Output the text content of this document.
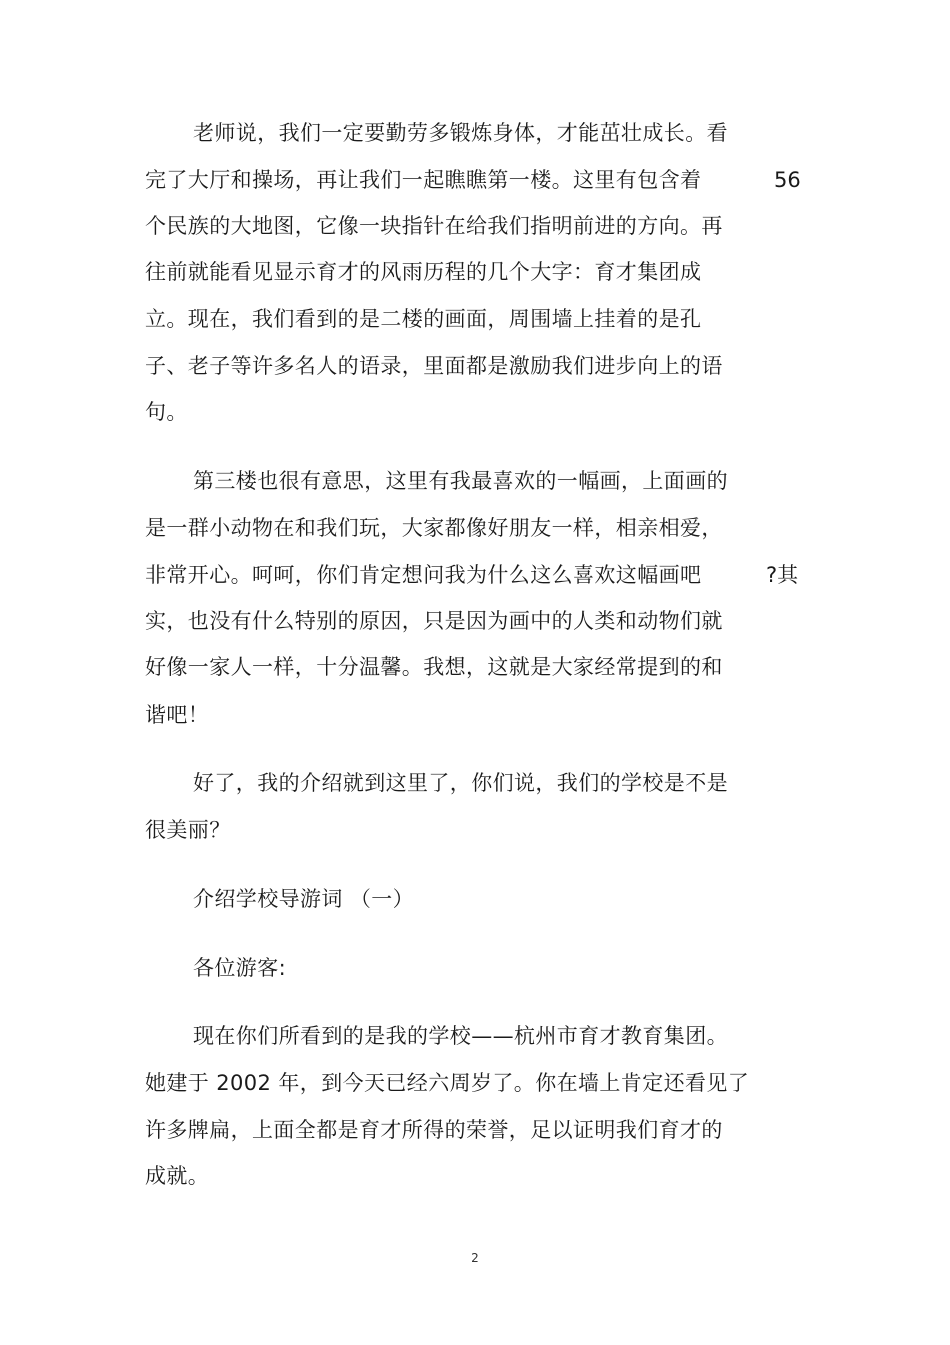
老师说，我们一定要勤劳多锻炼身体，才能茁壮成长。看
完了大厅和操场，再让我们一起瞧瞧第一楼。这里有包含着	56
个民族的大地图，它像一块指针在给我们指明前进的方向。再
往前就能看见显示育才的风雨历程的几个大字：育才集团成
立。现在，我们看到的是二楼的画面，周围墙上挂着的是孔
子、老子等许多名人的语录，里面都是激励我们进步向上的语
句。
第三楼也很有意思，这里有我最喜欢的一幅画，上面画的
是一群小动物在和我们玩，大家都像好朋友一样，相亲相爱，
非常开心。呵呵，你们肯定想问我为什么这么喜欢这幅画吧	?其
实，也没有什么特别的原因，只是因为画中的人类和动物们就
好像一家人一样，十分温馨。我想，这就是大家经常提到的和
谐吧！
好了，我的介绍就到这里了，你们说，我们的学校是不是
很美丽？
介绍学校导游词 （一）
各位游客:
现在你们所看到的是我的学校——杭州市育才教育集团。
她建于 2002 年，到今天已经六周岁了。你在墙上肯定还看见了
许多牌扁，上面全都是育才所得的荣誉，足以证明我们育才的
成就。
2
